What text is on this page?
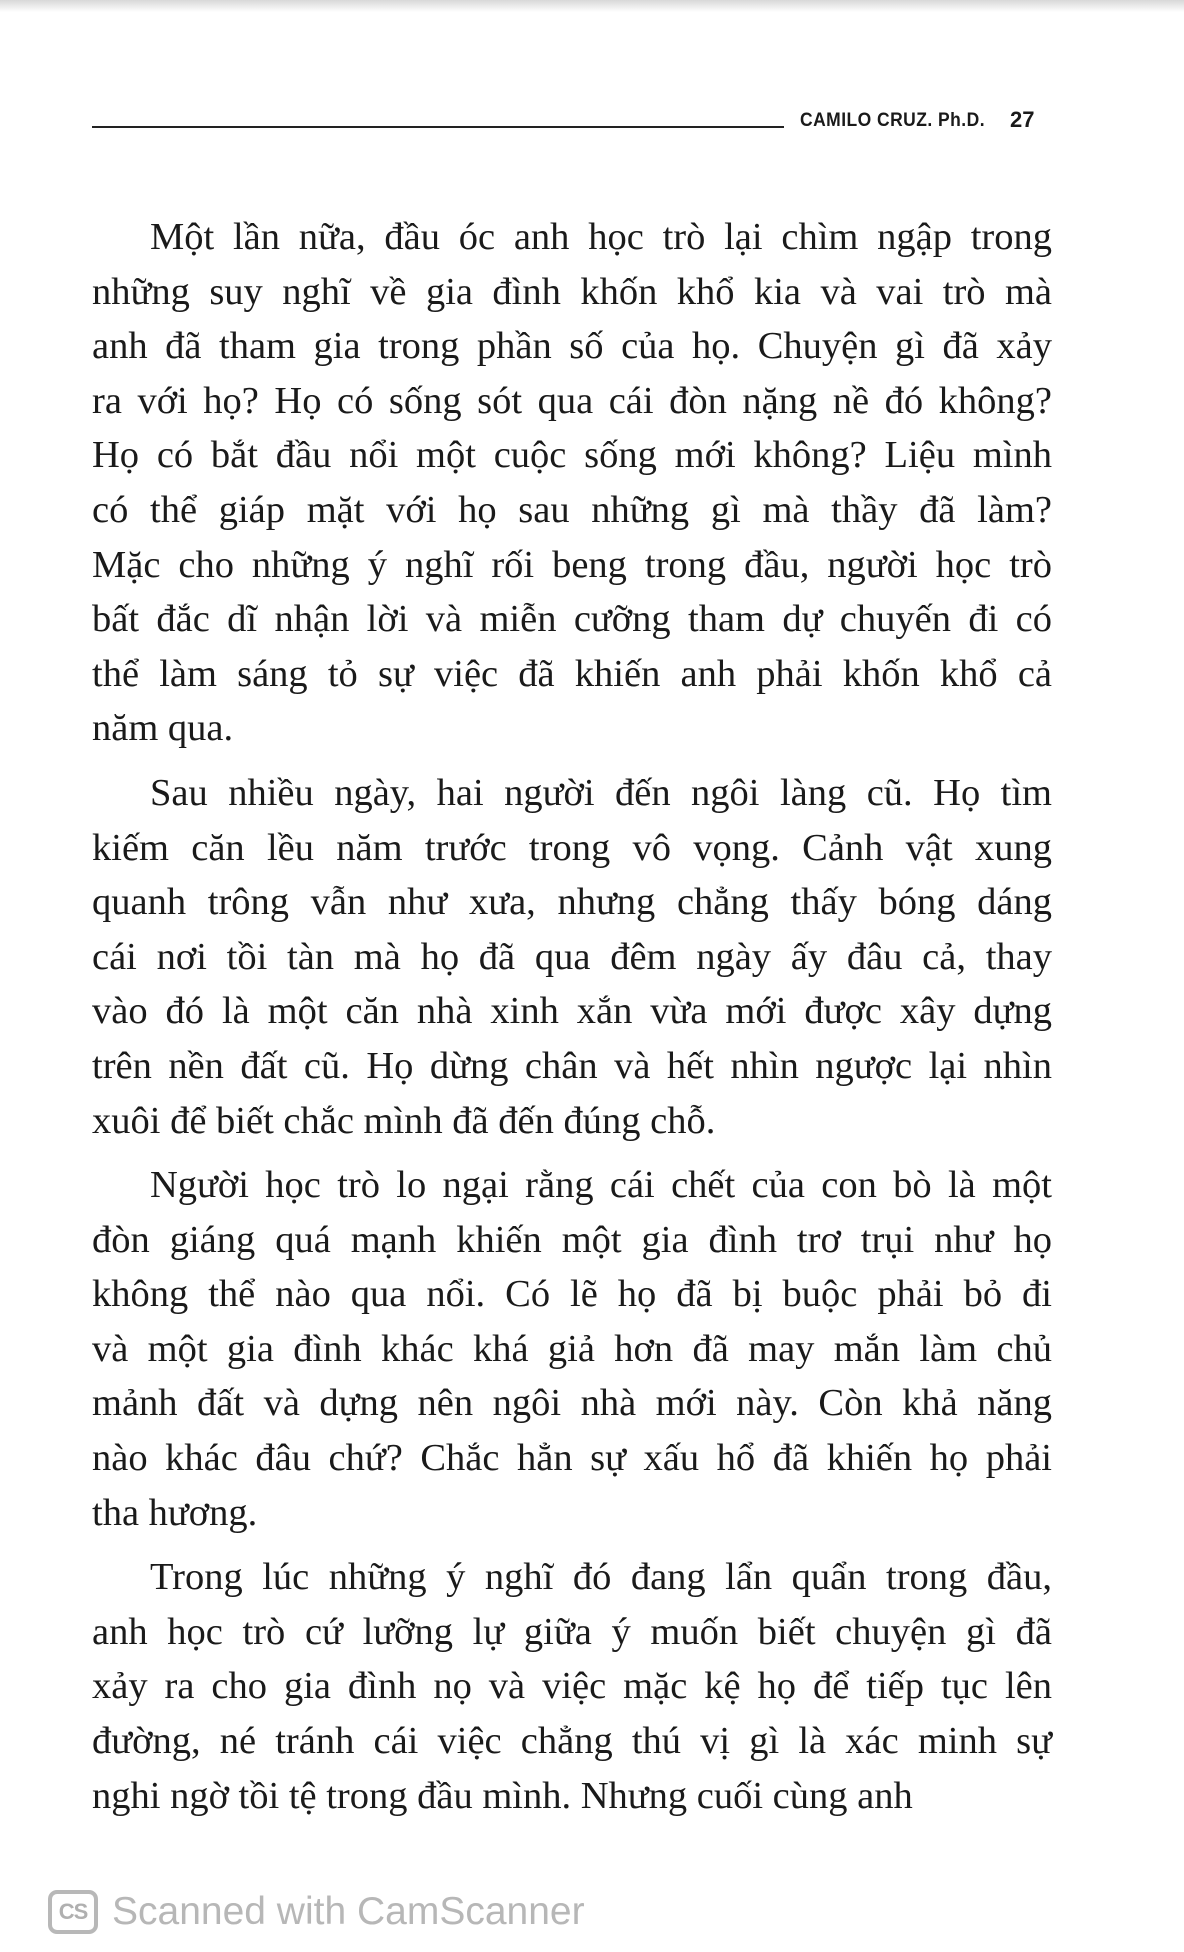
CAMILO CRUZ. Ph.D. 27
Một lần nữa, đầu óc anh học trò lại chìm ngập trong
những suy nghĩ về gia đình khốn khổ kia và vai trò mà
anh đã tham gia trong phần số của họ. Chuyện gì đã xảy
ra với họ? Họ có sống sót qua cái đòn nặng nề đó không?
Họ có bắt đầu nổi một cuộc sống mới không? Liệu mình
có thể giáp mặt với họ sau những gì mà thầy đã làm?
Mặc cho những ý nghĩ rối beng trong đầu, người học trò
bất đắc dĩ nhận lời và miễn cưỡng tham dự chuyến đi có
thể làm sáng tỏ sự việc đã khiến anh phải khốn khổ cả
năm qua.
Sau nhiều ngày, hai người đến ngôi làng cũ. Họ tìm
kiếm căn lều năm trước trong vô vọng. Cảnh vật xung
quanh trông vẫn như xưa, nhưng chẳng thấy bóng dáng
cái nơi tồi tàn mà họ đã qua đêm ngày ấy đâu cả, thay
vào đó là một căn nhà xinh xắn vừa mới được xây dựng
trên nền đất cũ. Họ dừng chân và hết nhìn ngược lại nhìn
xuôi để biết chắc mình đã đến đúng chỗ.
Người học trò lo ngại rằng cái chết của con bò là một
đòn giáng quá mạnh khiến một gia đình trơ trụi như họ
không thể nào qua nổi. Có lẽ họ đã bị buộc phải bỏ đi
và một gia đình khác khá giả hơn đã may mắn làm chủ
mảnh đất và dựng nên ngôi nhà mới này. Còn khả năng
nào khác đâu chứ? Chắc hẳn sự xấu hổ đã khiến họ phải
tha hương.
Trong lúc những ý nghĩ đó đang lẩn quẩn trong đầu,
anh học trò cứ lưỡng lự giữa ý muốn biết chuyện gì đã
xảy ra cho gia đình nọ và việc mặc kệ họ để tiếp tục lên
đường, né tránh cái việc chẳng thú vị gì là xác minh sự
nghi ngờ tồi tệ trong đầu mình. Nhưng cuối cùng anh
CS Scanned with CamScanner
